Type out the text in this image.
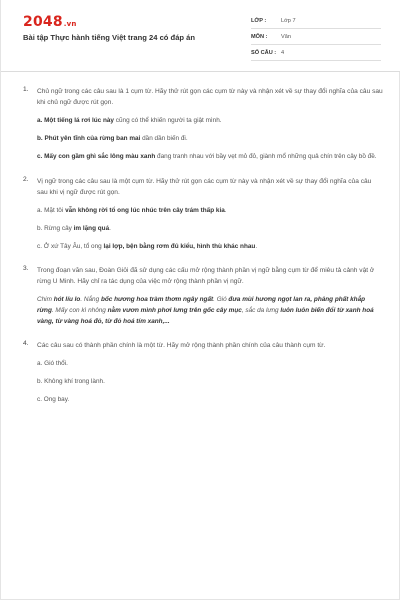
2048.vn
Bài tập Thực hành tiếng Việt trang 24 có đáp án
LỚP :	Lớp 7
MÔN :	Văn
SỐ CÂU : 4
1. Chủ ngữ trong các câu sau là 1 cụm từ. Hãy thử rút gọn các cụm từ này và nhận xét về sự thay đổi nghĩa của câu sau khi chủ ngữ được rút gọn.
a. Một tiếng lá rơi lúc này cũng có thể khiến người ta giật mình.
b. Phút yên tĩnh của rừng ban mai dần dần biến đi.
c. Mấy con gầm ghì sắc lông màu xanh đang tranh nhau với bầy vẹt mỏ đỏ, giành mổ những quả chín trên cây bồ đề.
2. Vị ngữ trong các câu sau là một cụm từ. Hãy thử rút gọn các cụm từ này và nhận xét về sự thay đổi nghĩa của câu sau khi vị ngữ được rút gọn.
a. Mặt tôi vẫn không rời tổ ong lúc nhúc trên cây trám thấp kia.
b. Rừng cây im lặng quá.
c. Ở xứ Tây Âu, tổ ong lại lợp, bện bằng rơm đủ kiểu, hình thù khác nhau.
3. Trong đoạn văn sau, Đoàn Giỏi đã sử dụng các cấu mở rộng thành phần vị ngữ bằng cụm từ để miêu tả cảnh vật ở rừng U Minh. Hãy chỉ ra tác dụng của việc mở rộng thành phần vị ngữ.
Chim hót líu lo. Nắng bốc hương hoa tràm thơm ngây ngất. Gió đưa mùi hương ngọt lan ra, phảng phất khắp rừng. Mấy con kì nhông nằm vươn mình phơi lưng trên gốc cây mục, sắc da lưng luôn luôn biến đổi từ xanh hoá vàng, từ vàng hoá đỏ, từ đỏ hoá tím xanh,...
4. Các câu sau có thành phần chính là một từ. Hãy mở rộng thành phần chính của câu thành cụm từ.
a. Gió thổi.
b. Không khí trong lành.
c. Ong bay.
